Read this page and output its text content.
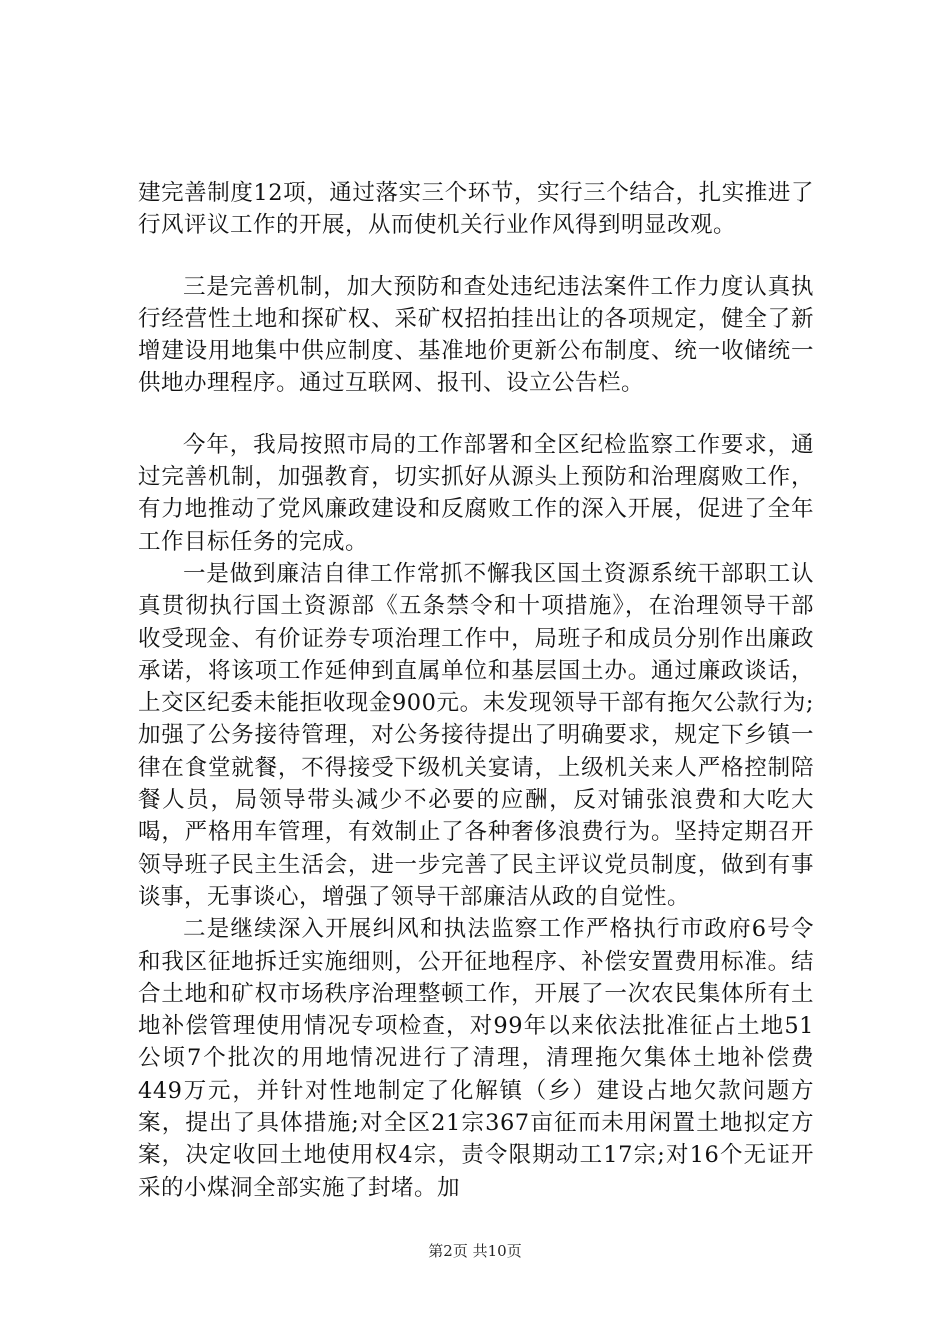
建完善制度12项，通过落实三个环节，实行三个结合，扎实推进了行风评议工作的开展，从而使机关行业作风得到明显改观。

三是完善机制，加大预防和查处违纪违法案件工作力度认真执行经营性土地和探矿权、采矿权招拍挂出让的各项规定，健全了新增建设用地集中供应制度、基准地价更新公布制度、统一收储统一供地办理程序。通过互联网、报刊、设立公告栏。

今年，我局按照市局的工作部署和全区纪检监察工作要求，通过完善机制，加强教育，切实抓好从源头上预防和治理腐败工作，有力地推动了党风廉政建设和反腐败工作的深入开展，促进了全年工作目标任务的完成。

一是做到廉洁自律工作常抓不懈我区国土资源系统干部职工认真贯彻执行国土资源部《五条禁令和十项措施》，在治理领导干部收受现金、有价证券专项治理工作中，局班子和成员分别作出廉政承诺，将该项工作延伸到直属单位和基层国土办。通过廉政谈话，上交区纪委未能拒收现金900元。未发现领导干部有拖欠公款行为;加强了公务接待管理，对公务接待提出了明确要求，规定下乡镇一律在食堂就餐，不得接受下级机关宴请，上级机关来人严格控制陪餐人员，局领导带头减少不必要的应酬，反对铺张浪费和大吃大喝，严格用车管理，有效制止了各种奢侈浪费行为。坚持定期召开领导班子民主生活会，进一步完善了民主评议党员制度，做到有事谈事，无事谈心，增强了领导干部廉洁从政的自觉性。

二是继续深入开展纠风和执法监察工作严格执行市政府6号令和我区征地拆迁实施细则，公开征地程序、补偿安置费用标准。结合土地和矿权市场秩序治理整顿工作，开展了一次农民集体所有土地补偿管理使用情况专项检查，对99年以来依法批准征占土地51公顷7个批次的用地情况进行了清理，清理拖欠集体土地补偿费449万元，并针对性地制定了化解镇（乡）建设占地欠款问题方案，提出了具体措施;对全区21宗367亩征而未用闲置土地拟定方案，决定收回土地使用权4宗，责令限期动工17宗;对16个无证开采的小煤洞全部实施了封堵。加

第2页 共10页
